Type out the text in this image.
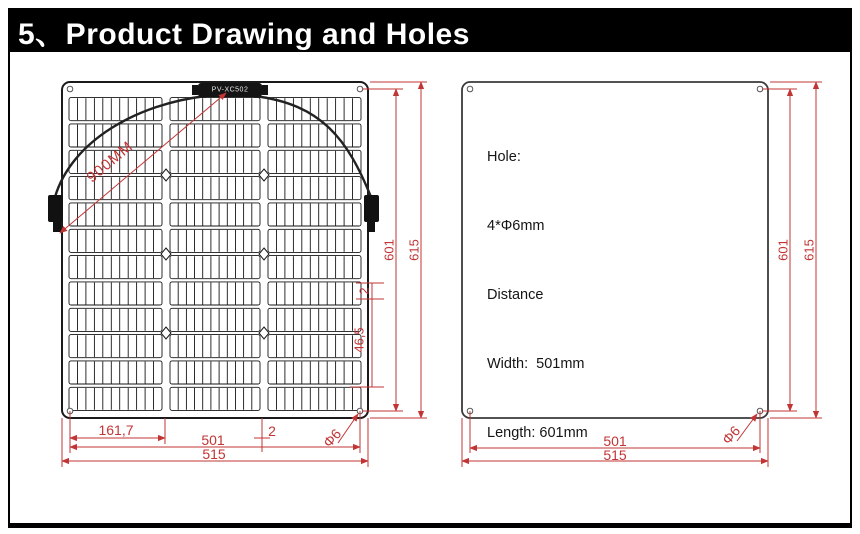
5、Product Drawing and Holes
PV-XC502
900MM
601 615
2
46,5
161,7	2
501
515
Φ6

Hole:

4*Φ6mm

Distance

Width:  501mm

Length: 601mm

601 615
501
515
Φ6
